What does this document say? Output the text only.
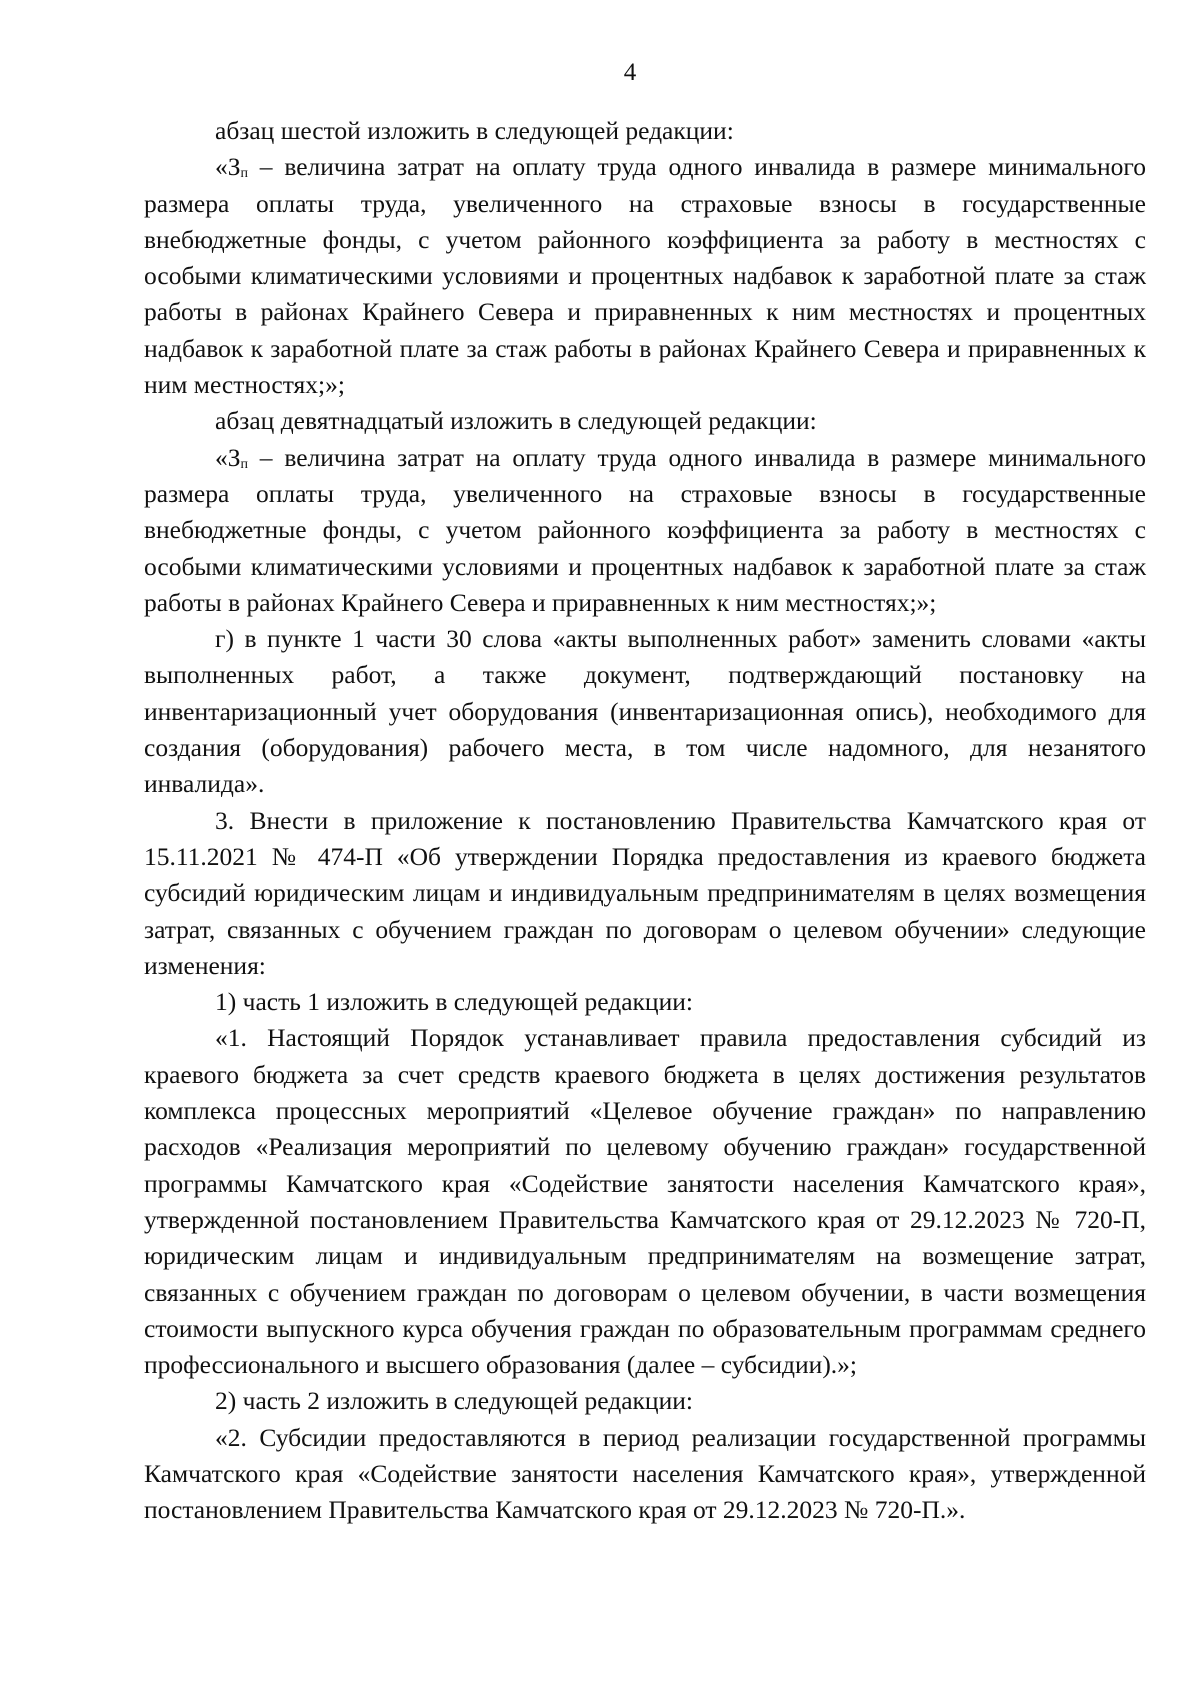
4

абзац шестой изложить в следующей редакции:

«$З_п$ – величина затрат на оплату труда одного инвалида в размере минимального размера оплаты труда, увеличенного на страховые взносы в государственные внебюджетные фонды, с учетом районного коэффициента за работу в местностях с особыми климатическими условиями и процентных надбавок к заработной плате за стаж работы в районах Крайнего Севера и приравненных к ним местностях и процентных надбавок к заработной плате за стаж работы в районах Крайнего Севера и приравненных к ним местностях;»;

абзац девятнадцатый изложить в следующей редакции:

«$З_п$ – величина затрат на оплату труда одного инвалида в размере минимального размера оплаты труда, увеличенного на страховые взносы в государственные внебюджетные фонды, с учетом районного коэффициента за работу в местностях с особыми климатическими условиями и процентных надбавок к заработной плате за стаж работы в районах Крайнего Севера и приравненных к ним местностях;»;

г) в пункте 1 части 30 слова «акты выполненных работ» заменить словами «акты выполненных работ, а также документ, подтверждающий постановку на инвентаризационный учет оборудования (инвентаризационная опись), необходимого для создания (оборудования) рабочего места, в том числе надомного, для незанятого инвалида».

3. Внести в приложение к постановлению Правительства Камчатского края от 15.11.2021 № 474-П «Об утверждении Порядка предоставления из краевого бюджета субсидий юридическим лицам и индивидуальным предпринимателям в целях возмещения затрат, связанных с обучением граждан по договорам о целевом обучении» следующие изменения:

1) часть 1 изложить в следующей редакции:

«1. Настоящий Порядок устанавливает правила предоставления субсидий из краевого бюджета за счет средств краевого бюджета в целях достижения результатов комплекса процессных мероприятий «Целевое обучение граждан» по направлению расходов «Реализация мероприятий по целевому обучению граждан» государственной программы Камчатского края «Содействие занятости населения Камчатского края», утвержденной постановлением Правительства Камчатского края от 29.12.2023 № 720-П, юридическим лицам и индивидуальным предпринимателям на возмещение затрат, связанных с обучением граждан по договорам о целевом обучении, в части возмещения стоимости выпускного курса обучения граждан по образовательным программам среднего профессионального и высшего образования (далее – субсидии).»;

2) часть 2 изложить в следующей редакции:

«2. Субсидии предоставляются в период реализации государственной программы Камчатского края «Содействие занятости населения Камчатского края», утвержденной постановлением Правительства Камчатского края от 29.12.2023 № 720-П.».
